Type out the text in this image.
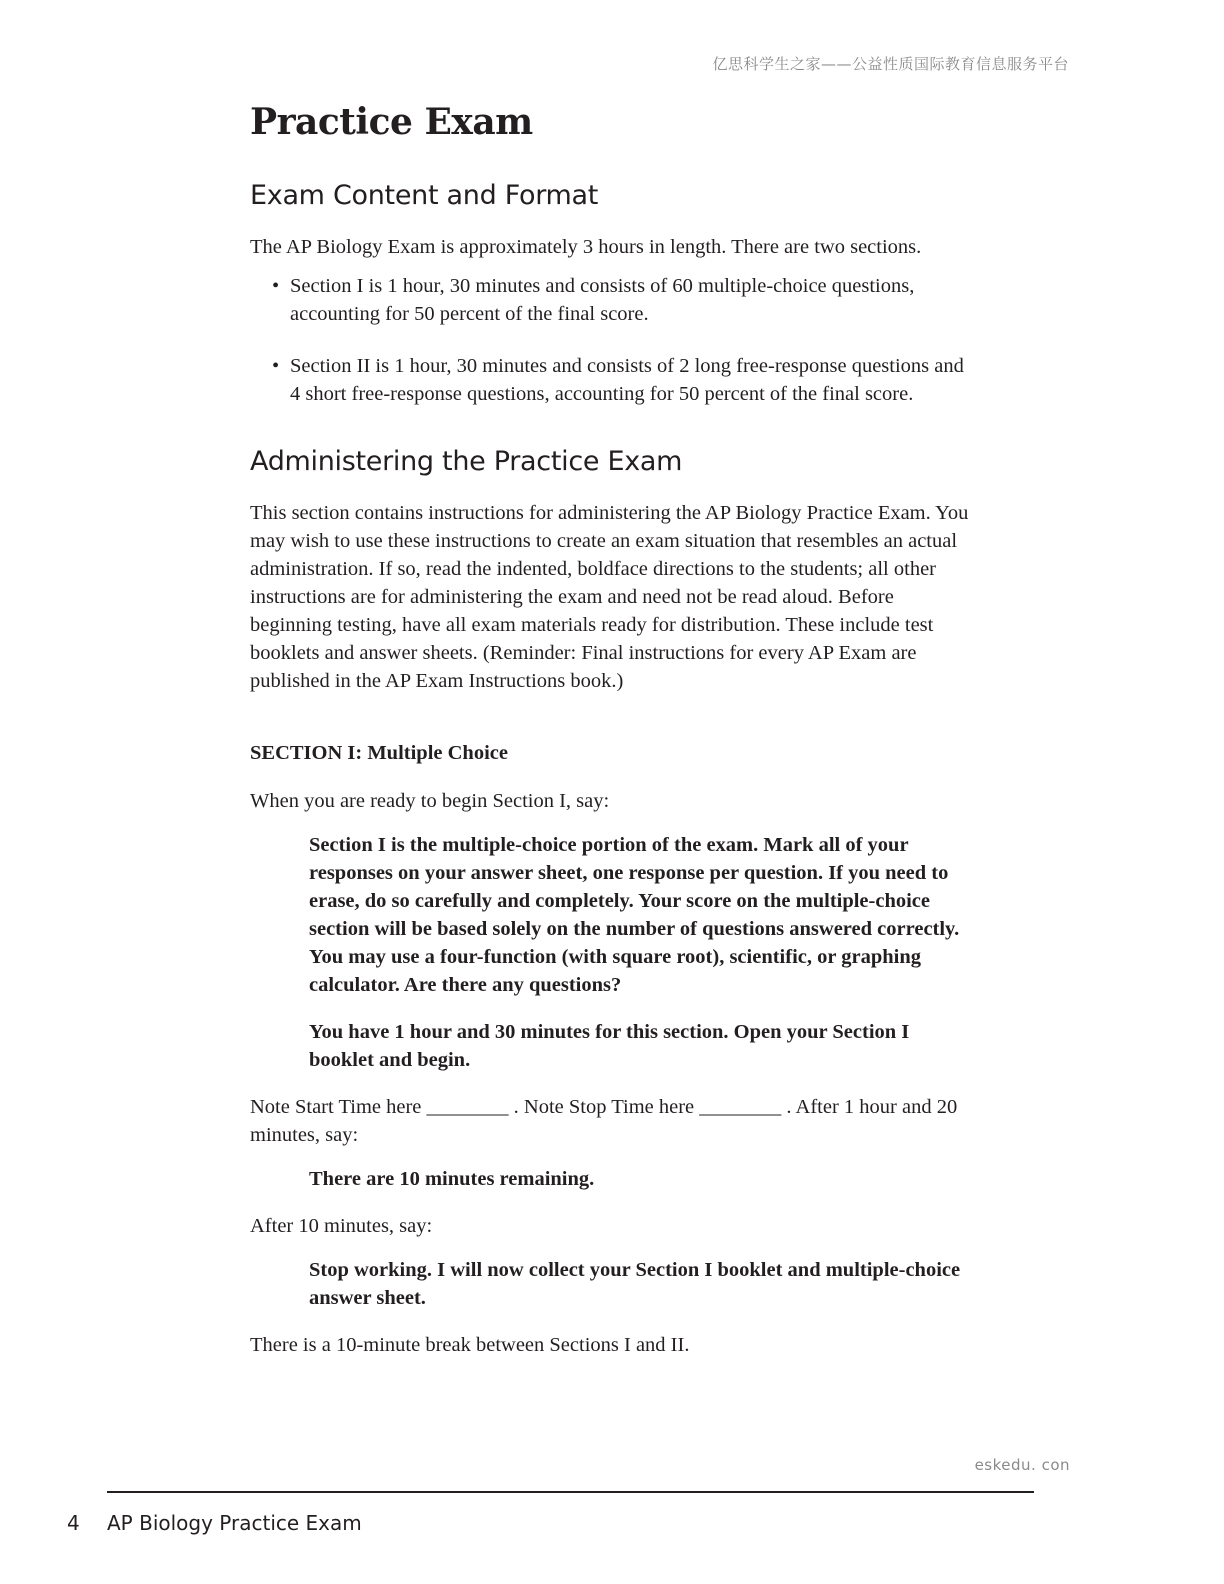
亿思科学生之家——公益性质国际教育信息服务平台
Practice Exam
Exam Content and Format

The AP Biology Exam is approximately 3 hours in length. There are two sections.

• Section I is 1 hour, 30 minutes and consists of 60 multiple-choice questions, accounting for 50 percent of the final score.
• Section II is 1 hour, 30 minutes and consists of 2 long free-response questions and 4 short free-response questions, accounting for 50 percent of the final score.
Administering the Practice Exam

This section contains instructions for administering the AP Biology Practice Exam. You may wish to use these instructions to create an exam situation that resembles an actual administration. If so, read the indented, boldface directions to the students; all other instructions are for administering the exam and need not be read aloud. Before beginning testing, have all exam materials ready for distribution. These include test booklets and answer sheets. (Reminder: Final instructions for every AP Exam are published in the AP Exam Instructions book.)

SECTION I: Multiple Choice

When you are ready to begin Section I, say:

Section I is the multiple-choice portion of the exam. Mark all of your responses on your answer sheet, one response per question. If you need to erase, do so carefully and completely. Your score on the multiple-choice section will be based solely on the number of questions answered correctly. You may use a four-function (with square root), scientific, or graphing calculator. Are there any questions?

You have 1 hour and 30 minutes for this section. Open your Section I booklet and begin.

Note Start Time here ________ . Note Stop Time here ________ . After 1 hour and 20 minutes, say:

There are 10 minutes remaining.

After 10 minutes, say:

Stop working. I will now collect your Section I booklet and multiple-choice answer sheet.

There is a 10-minute break between Sections I and II.

eskedu. con
4 AP Biology Practice Exam
